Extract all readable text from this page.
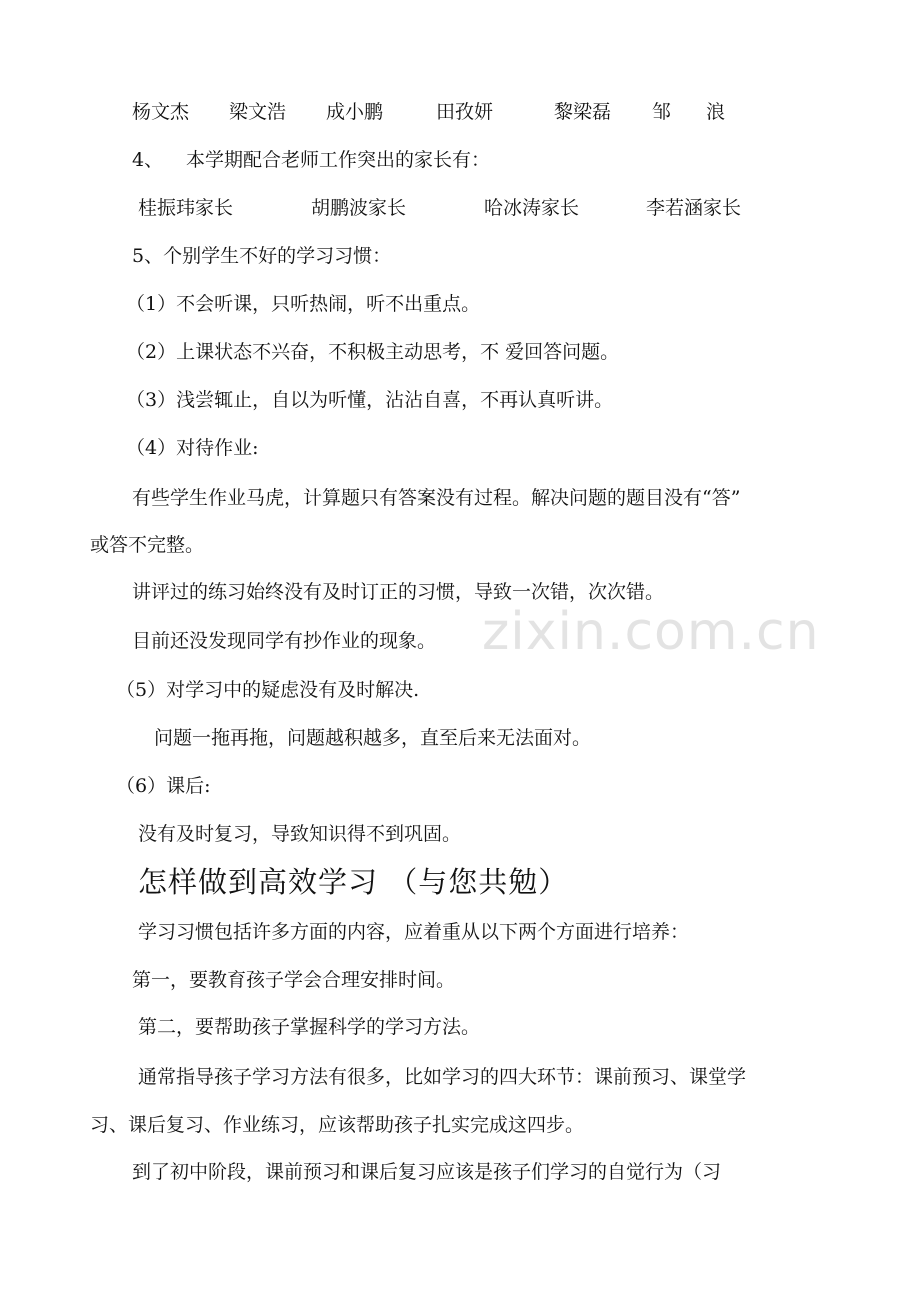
zixin.com.cn
杨文杰 梁文浩 成小鹏	田孜妍	黎梁磊 邹 浪
4、 本学期配合老师工作突出的家长有：
桂振玮家长	胡鹏波家长	哈冰涛家长	李若涵家长
5、个别学生不好的学习习惯：
（1）不会听课，只听热闹，听不出重点。
（2）上课状态不兴奋，不积极主动思考，不 爱回答问题。
（3）浅尝辄止，自以为听懂，沾沾自喜，不再认真听讲。
（4）对待作业:
有些学生作业马虎，计算题只有答案没有过程。解决问题的题目没有“答”
或答不完整。
讲评过的练习始终没有及时订正的习惯，导致一次错，次次错。
目前还没发现同学有抄作业的现象。
（5）对学习中的疑虑没有及时解决.
问题一拖再拖，问题越积越多，直至后来无法面对。
（6）课后:
没有及时复习，导致知识得不到巩固。
怎样做到高效学习 （与您共勉）
学习习惯包括许多方面的内容，应着重从以下两个方面进行培养：
第一，要教育孩子学会合理安排时间。
第二，要帮助孩子掌握科学的学习方法。
通常指导孩子学习方法有很多，比如学习的四大环节：课前预习、课堂学
习、课后复习、作业练习，应该帮助孩子扎实完成这四步。
到了初中阶段，课前预习和课后复习应该是孩子们学习的自觉行为（习
